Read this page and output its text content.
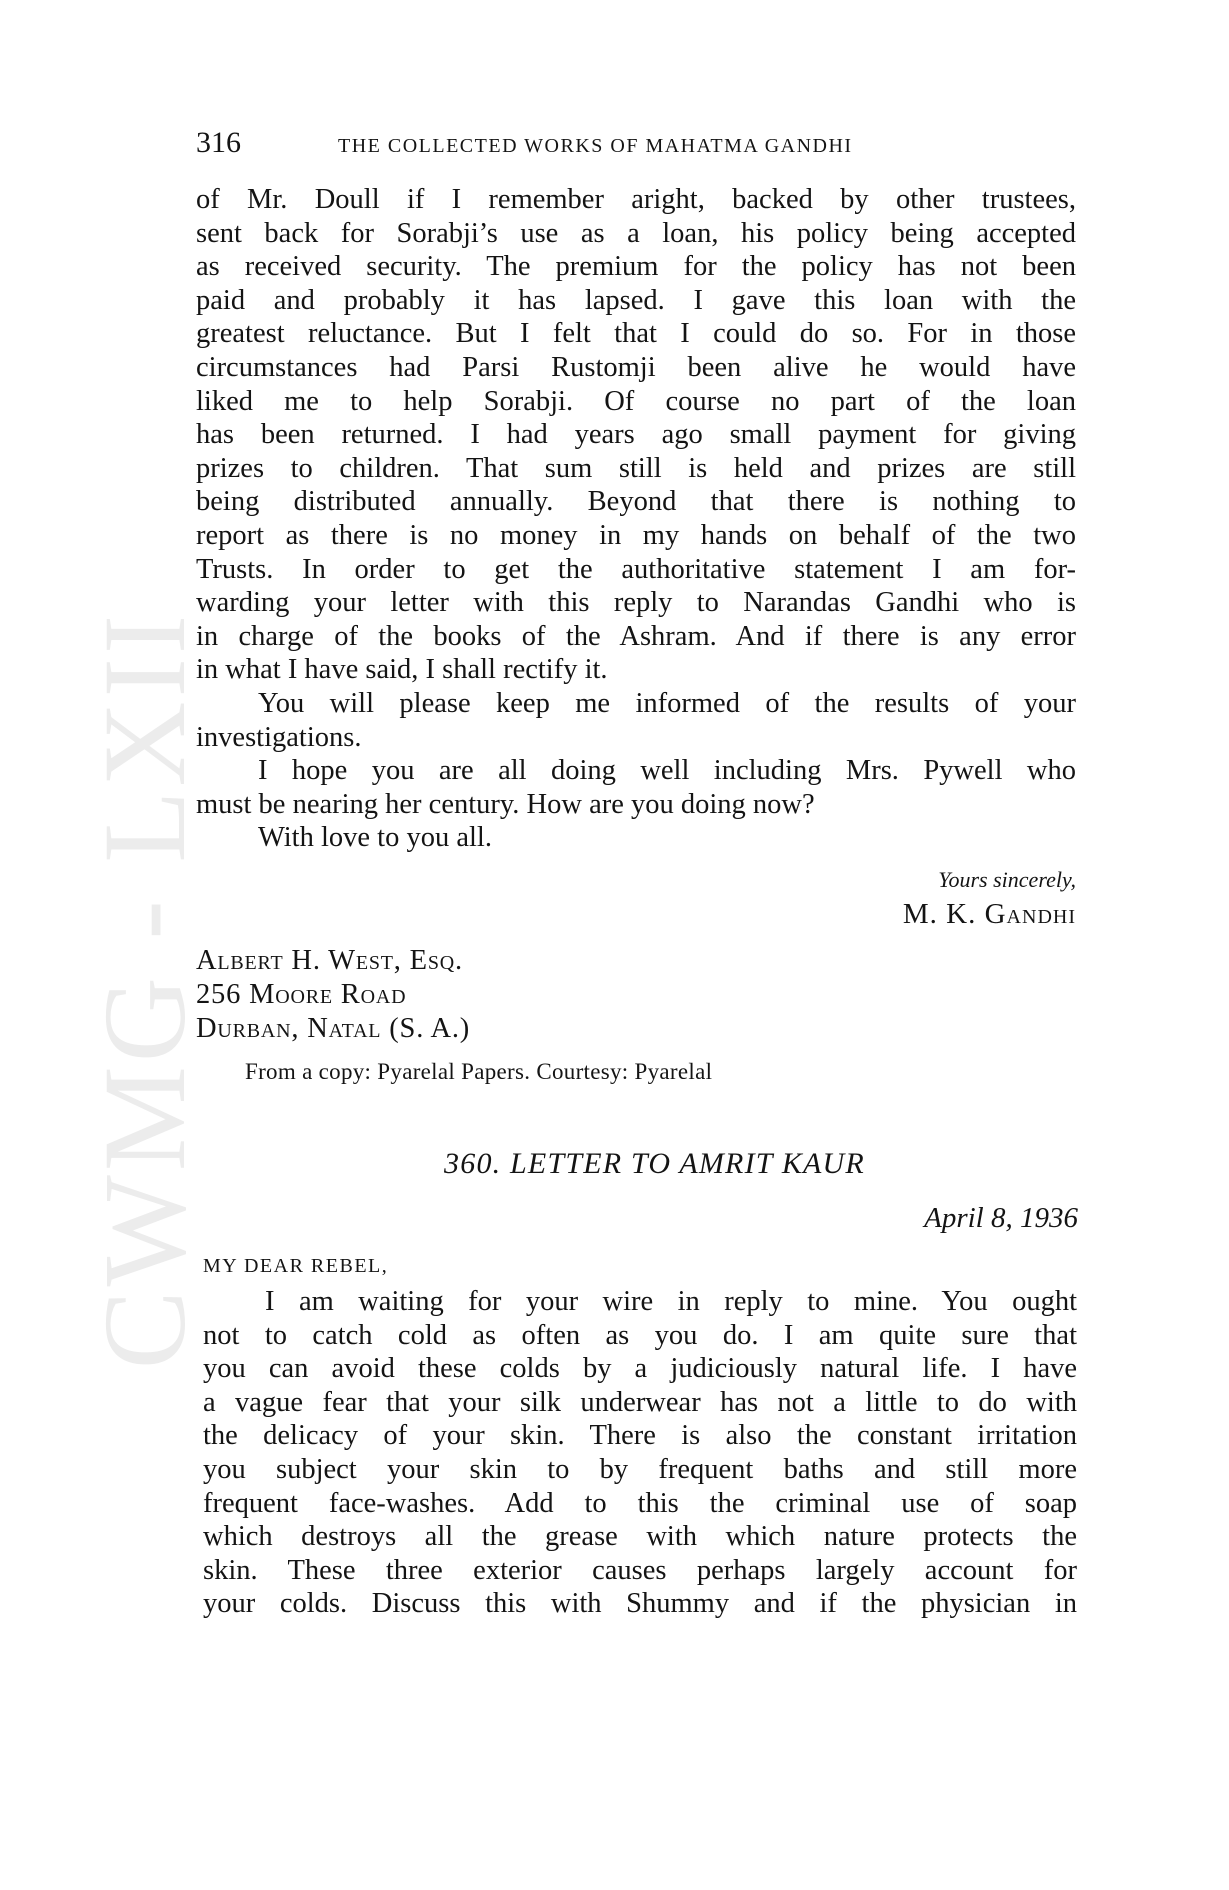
CWMG - LXII
316	THE COLLECTED WORKS OF MAHATMA GANDHI
of Mr. Doull if I remember aright, backed by other trustees,
sent back for Sorabji’s use as a loan, his policy being accepted
as received security. The premium for the policy has not been
paid and probably it has lapsed. I gave this loan with the
greatest reluctance. But I felt that I could do so. For in those
circumstances had Parsi Rustomji been alive he would have
liked me to help Sorabji. Of course no part of the loan
has been returned. I had years ago small payment for giving
prizes to children. That sum still is held and prizes are still
being distributed annually. Beyond that there is nothing to
report as there is no money in my hands on behalf of the two
Trusts. In order to get the authoritative statement I am for-
warding your letter with this reply to Narandas Gandhi who is
in charge of the books of the Ashram. And if there is any error
in what I have said, I shall rectify it.
You will please keep me informed of the results of your
investigations.
I hope you are all doing well including Mrs. Pywell who
must be nearing her century. How are you doing now?
With love to you all.
Yours sincerely,
M. K. Gandhi
Albert H. West, Esq.
256 Moore Road
Durban, Natal (S. A.)
From a copy: Pyarelal Papers. Courtesy: Pyarelal
360. LETTER TO AMRIT KAUR
April 8, 1936
MY DEAR REBEL,
I am waiting for your wire in reply to mine. You ought
not to catch cold as often as you do. I am quite sure that
you can avoid these colds by a judiciously natural life. I have
a vague fear that your silk underwear has not a little to do with
the delicacy of your skin. There is also the constant irritation
you subject your skin to by frequent baths and still more
frequent face-washes. Add to this the criminal use of soap
which destroys all the grease with which nature protects the
skin. These three exterior causes perhaps largely account for
your colds. Discuss this with Shummy and if the physician in
